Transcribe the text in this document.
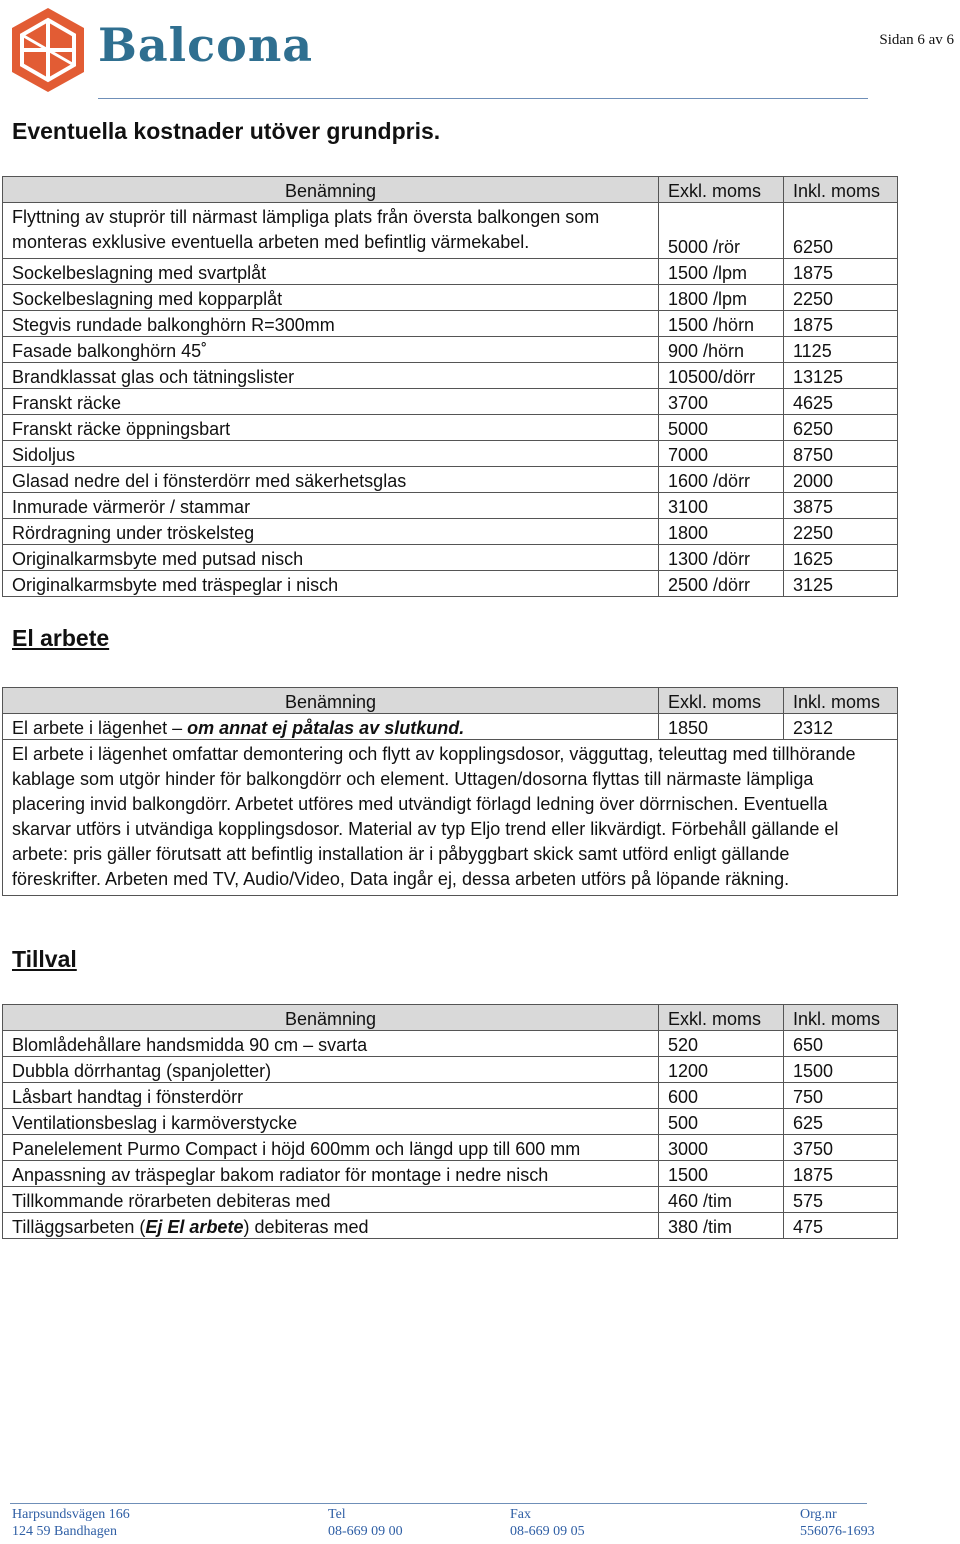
Balcona	Sidan 6 av 6
Eventuella kostnader utöver grundpris.
Benämning	Exkl. moms	Inkl. moms
Flyttning av stuprör till närmast lämpliga plats från översta balkongen som monteras exklusive eventuella arbeten med befintlig värmekabel.	5000 /rör	6250
Sockelbeslagning med svartplåt	1500 /lpm	1875
Sockelbeslagning med kopparplåt	1800 /lpm	2250
Stegvis rundade balkonghörn R=300mm	1500 /hörn	1875
Fasade balkonghörn 45˚	900 /hörn	1125
Brandklassat glas och tätningslister	10500/dörr	13125
Franskt räcke	3700	4625
Franskt räcke öppningsbart	5000	6250
Sidoljus	7000	8750
Glasad nedre del i fönsterdörr med säkerhetsglas	1600 /dörr	2000
Inmurade värmerör / stammar	3100	3875
Rördragning under tröskelsteg	1800	2250
Originalkarmsbyte med putsad nisch	1300 /dörr	1625
Originalkarmsbyte med träspeglar i nisch	2500 /dörr	3125
El arbete
Benämning	Exkl. moms	Inkl. moms
El arbete i lägenhet – om annat ej påtalas av slutkund.	1850	2312
El arbete i lägenhet omfattar demontering och flytt av kopplingsdosor, vägguttag, teleuttag med tillhörande kablage som utgör hinder för balkongdörr och element. Uttagen/dosorna flyttas till närmaste lämpliga placering invid balkongdörr. Arbetet utföres med utvändigt förlagd ledning över dörrnischen. Eventuella skarvar utförs i utvändiga kopplingsdosor. Material av typ Eljo trend eller likvärdigt. Förbehåll gällande el arbete: pris gäller förutsatt att befintlig installation är i påbyggbart skick samt utförd enligt gällande föreskrifter. Arbeten med TV, Audio/Video, Data ingår ej, dessa arbeten utförs på löpande räkning.		
Tillval
Benämning	Exkl. moms	Inkl. moms
Blomlådehållare handsmidda 90 cm – svarta	520	650
Dubbla dörrhantag (spanjoletter)	1200	1500
Låsbart handtag i fönsterdörr	600	750
Ventilationsbeslag i karmöverstycke	500	625
Panelelement Purmo Compact i höjd 600mm och längd upp till 600 mm	3000	3750
Anpassning av träspeglar bakom radiator för montage i nedre nisch	1500	1875
Tillkommande rörarbeten debiteras med	460 /tim	575
Tilläggsarbeten (Ej El arbete) debiteras med	380 /tim	475
Harpsundsvägen 166
124 59 Bandhagen
Tel
08-669 09 00
Fax
08-669 09 05
Org.nr
556076-1693
